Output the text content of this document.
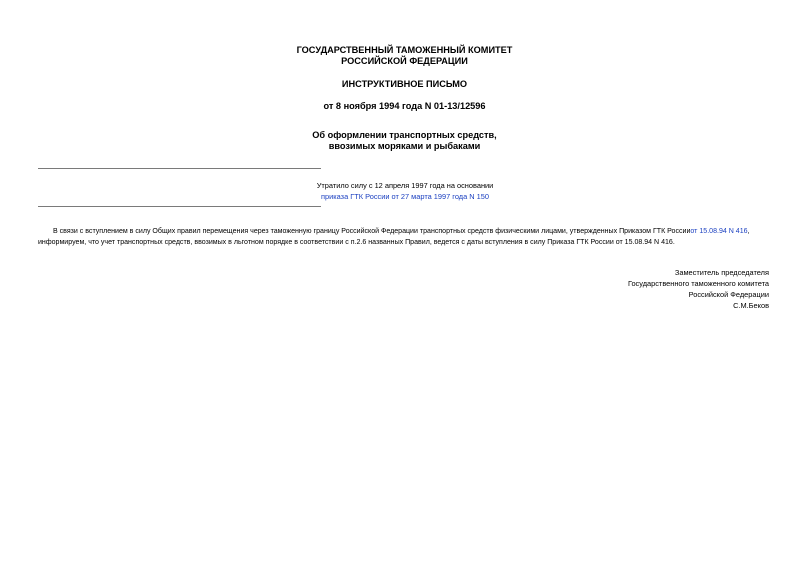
ГОСУДАРСТВЕННЫЙ ТАМОЖЕННЫЙ КОМИТЕТ
РОССИЙСКОЙ ФЕДЕРАЦИИ
ИНСТРУКТИВНОЕ ПИСЬМО
от 8 ноября 1994 года N 01-13/12596
Об оформлении транспортных средств,
ввозимых моряками и рыбаками
Утратило силу с 12 апреля 1997 года на основании
приказа ГТК России от 27 марта 1997 года N 150
В связи с вступлением в силу Общих правил перемещения через таможенную границу Российской Федерации транспортных средств физическими лицами, утвержденных Приказом ГТК Россииот 15.08.94 N 416,
информируем, что учет транспортных средств, ввозимых в льготном порядке в соответствии с п.2.6 названных Правил, ведется с даты вступления в силу Приказа ГТК России от 15.08.94 N 416.
Заместитель председателя
Государственного таможенного комитета
Российской Федерации
С.М.Беков
